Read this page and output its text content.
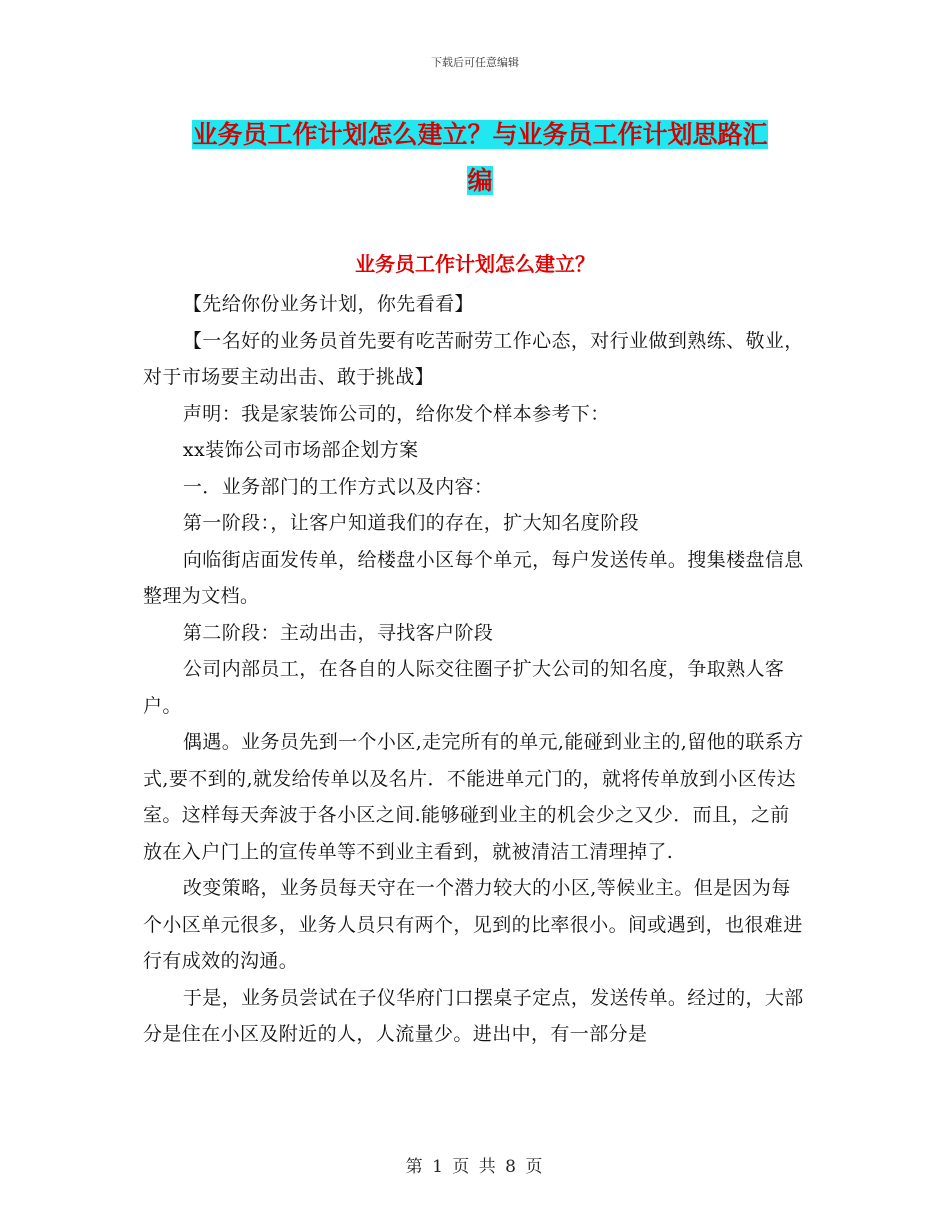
下载后可任意编辑
业务员工作计划怎么建立？与业务员工作计划思路汇
编
业务员工作计划怎么建立？

【先给你份业务计划，你先看看】

【一名好的业务员首先要有吃苦耐劳工作心态，对行业做到熟练、敬业，对于市场要主动出击、敢于挑战】

声明：我是家装饰公司的，给你发个样本参考下：

xx装饰公司市场部企划方案

一．业务部门的工作方式以及内容：

第一阶段：，让客户知道我们的存在，扩大知名度阶段

向临街店面发传单，给楼盘小区每个单元，每户发送传单。搜集楼盘信息整理为文档。

第二阶段：主动出击，寻找客户阶段

公司内部员工，在各自的人际交往圈子扩大公司的知名度，争取熟人客户。

偶遇。业务员先到一个小区,走完所有的单元,能碰到业主的,留他的联系方式,要不到的,就发给传单以及名片．不能进单元门的，就将传单放到小区传达室。这样每天奔波于各小区之间.能够碰到业主的机会少之又少．而且，之前放在入户门上的宣传单等不到业主看到，就被清洁工清理掉了.

改变策略，业务员每天守在一个潜力较大的小区,等候业主。但是因为每个小区单元很多，业务人员只有两个，见到的比率很小。间或遇到，也很难进行有成效的沟通。

于是，业务员尝试在子仪华府门口摆桌子定点，发送传单。经过的，大部分是住在小区及附近的人，人流量少。进出中，有一部分是

第 1 页 共 8 页
